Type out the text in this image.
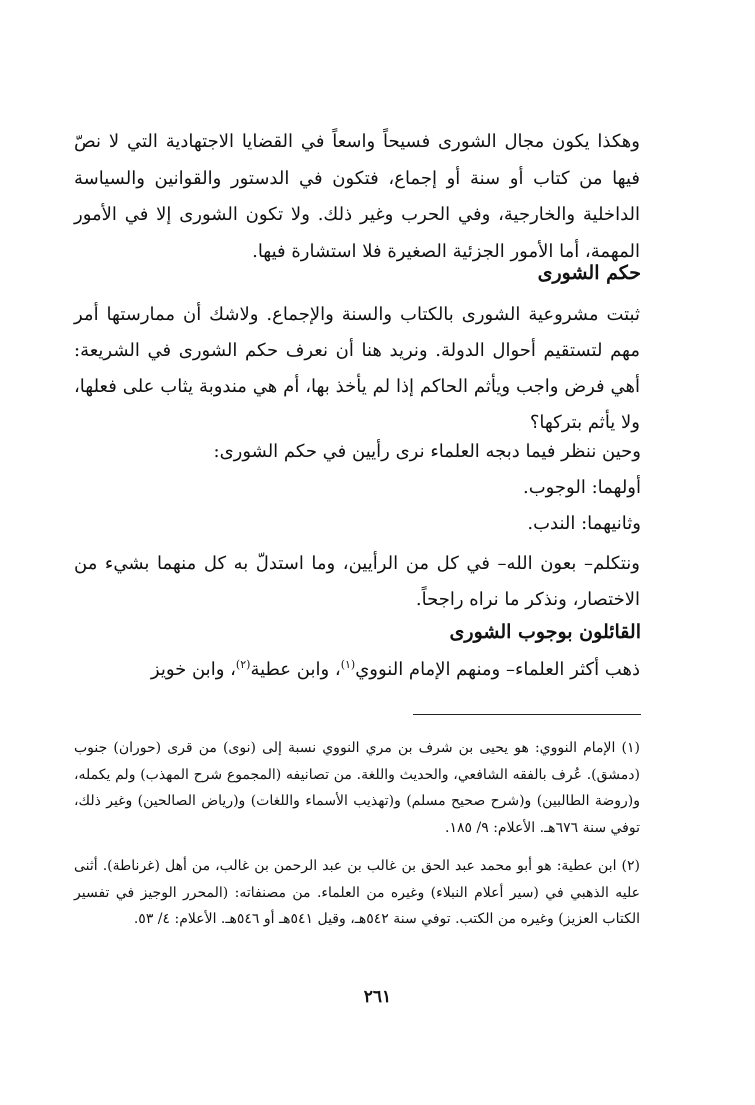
وهكذا يكون مجال الشورى فسيحاً واسعاً في القضايا الاجتهادية التي لا نصّ فيها من كتاب أو سنة أو إجماع، فتكون في الدستور والقوانين والسياسة الداخلية والخارجية، وفي الحرب وغير ذلك. ولا تكون الشورى إلا في الأمور المهمة، أما الأمور الجزئية الصغيرة فلا استشارة فيها.

حكم الشورى

ثبتت مشروعية الشورى بالكتاب والسنة والإجماع. ولاشك أن ممارستها أمر مهم لتستقيم أحوال الدولة. ونريد هنا أن نعرف حكم الشورى في الشريعة: أهي فرض واجب ويأثم الحاكم إذا لم يأخذ بها، أم هي مندوبة يثاب على فعلها، ولا يأثم بتركها؟

وحين ننظر فيما دبجه العلماء نرى رأيين في حكم الشورى:
أولهما: الوجوب.
وثانيهما: الندب.

ونتكلم– بعون الله– في كل من الرأيين، وما استدلّ به كل منهما بشيء من الاختصار، ونذكر ما نراه راجحاً.

القائلون بوجوب الشورى

ذهب أكثر العلماء– ومنهم الإمام النووي$^{(١)}$، وابن عطية$^{(٢)}$، وابن خويز

(١) الإمام النووي: هو يحيى بن شرف بن مري النووي نسبة إلى (نوى) من قرى (حوران) جنوب (دمشق). عُرف بالفقه الشافعي، والحديث واللغة. من تصانيفه (المجموع شرح المهذب) ولم يكمله، و(روضة الطالبين) و(شرح صحيح مسلم) و(تهذيب الأسماء واللغات) و(رياض الصالحين) وغير ذلك، توفي سنة ٦٧٦هـ. الأعلام: ٩/ ١٨٥.

(٢) ابن عطية: هو أبو محمد عبد الحق بن غالب بن عبد الرحمن بن غالب، من أهل (غرناطة). أثنى عليه الذهبي في (سير أعلام النبلاء) وغيره من العلماء. من مصنفاته: (المحرر الوجيز في تفسير الكتاب العزيز) وغيره من الكتب. توفي سنة ٥٤٢هـ، وقيل ٥٤١هـ أو ٥٤٦هـ. الأعلام: ٤/ ٥٣.

٢٦١
